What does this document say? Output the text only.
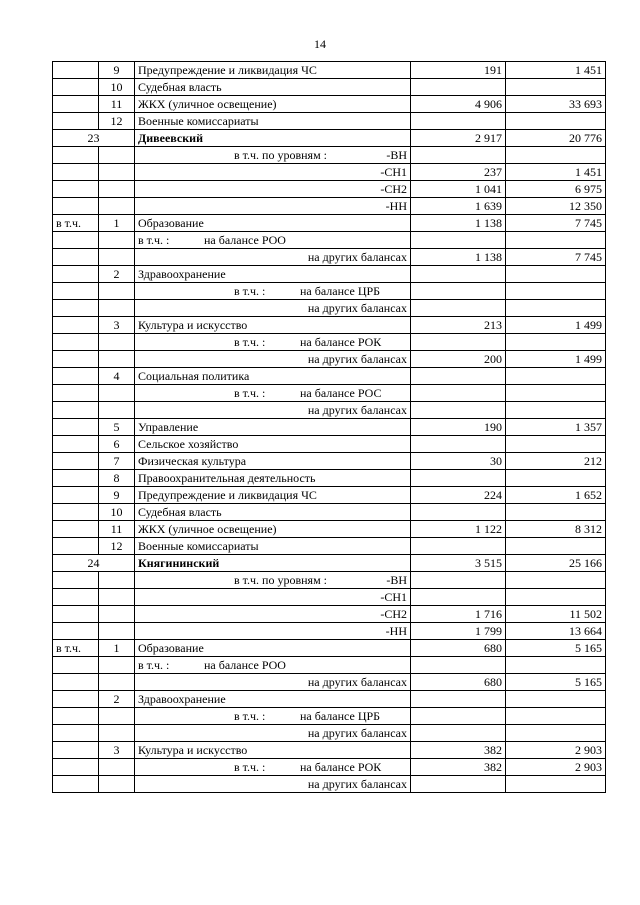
14
	9	Предупреждение и ликвидация ЧС	191	1 451
	10	Судебная власть		
	11	ЖКХ (уличное освещение)	4 906	33 693
	12	Военные комиссариаты		
23		Дивеевский	2 917	20 776

		в т.ч. по уровням : -ВН		

		-СН1	237	1 451

		-СН2	1 041	6 975

		-НН	1 639	12 350
в т.ч.	1	Образование	1 138	7 745

		в т.ч. : на балансе РОО		

		на других балансах	1 138	7 745
	2	Здравоохранение		

		в т.ч. : на балансе ЦРБ		

		на других балансах		
	3	Культура и искусство	213	1 499

		в т.ч. : на балансе РОК		

		на других балансах	200	1 499
	4	Социальная политика		

		в т.ч. : на балансе РОС		

		на других балансах		
	5	Управление	190	1 357
	6	Сельское хозяйство		
	7	Физическая культура	30	212
	8	Правоохранительная деятельность		
	9	Предупреждение и ликвидация ЧС	224	1 652
	10	Судебная власть		
	11	ЖКХ (уличное освещение)	1 122	8 312
	12	Военные комиссариаты		
24		Княгининский	3 515	25 166

		в т.ч. по уровням : -ВН		

		-СН1		

		-СН2	1 716	11 502

		-НН	1 799	13 664
в т.ч.	1	Образование	680	5 165

		в т.ч. : на балансе РОО		

		на других балансах	680	5 165
	2	Здравоохранение		

		в т.ч. : на балансе ЦРБ		

		на других балансах		
	3	Культура и искусство	382	2 903

		в т.ч. : на балансе РОК	382	2 903
		на других балансах		
